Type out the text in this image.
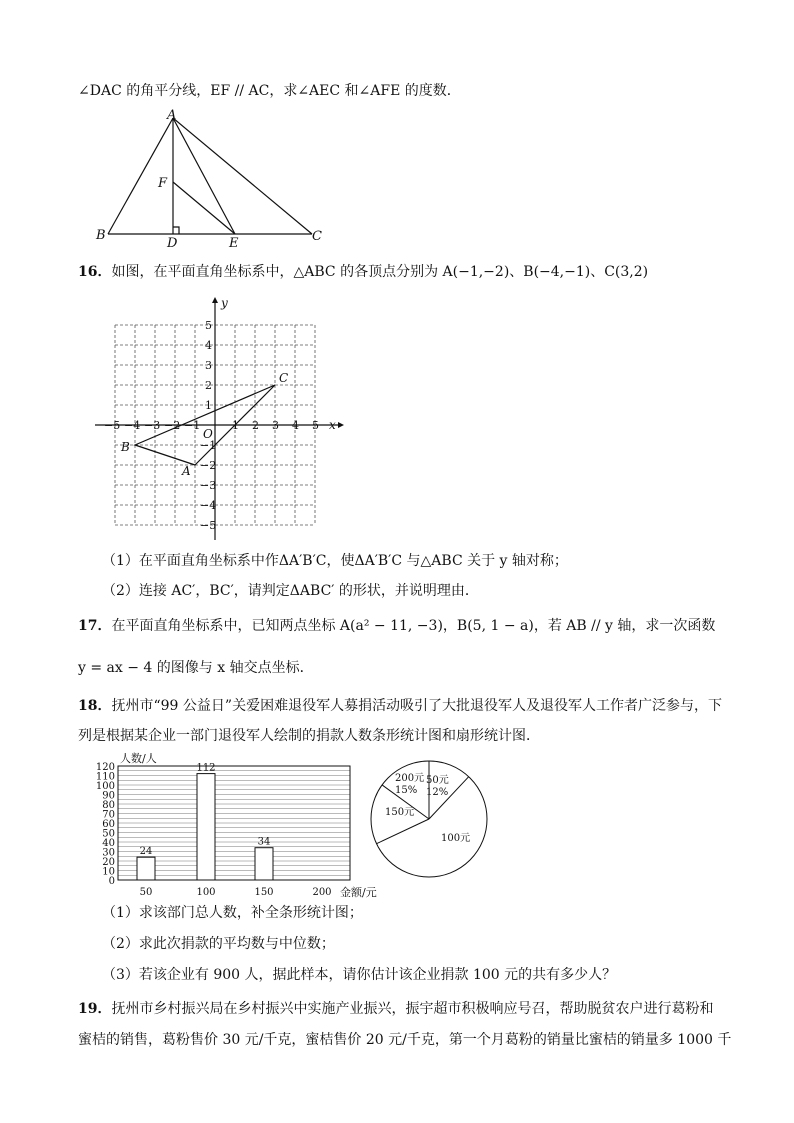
∠DAC 的角平分线，EF // AC，求∠AEC 和∠AFE 的度数．
A
B	C
D	E
F
16．如图，在平面直角坐标系中，△ABC 的各顶点分别为 A(−1,−2)、B(−4,−1)、C(3,2)
x
y
O
−5 −4 −3 −2 −1	1 2 3 4 5
5
4
3
2
1
−1
−2
−3
−4
−5
A
B
C
（1）在平面直角坐标系中作ΔA′B′C，使ΔA′B′C 与△ABC 关于 y 轴对称；
（2）连接 AC′，BC′，请判定ΔABC′ 的形状，并说明理由．
17．在平面直角坐标系中，已知两点坐标 A(a² − 11, −3)，B(5, 1 − a)，若 AB // y 轴，求一次函数
y = ax − 4 的图像与 x 轴交点坐标．
18．抚州市“99 公益日”关爱困难退役军人募捐活动吸引了大批退役军人及退役军人工作者广泛参与，下
列是根据某企业一部门退役军人绘制的捐款人数条形统计图和扇形统计图．
0
10
20
30
40
50
60
70
80
90
100
110
120
人数/人
50
24
100
112
150
34
200 金额/元
50元
12%
100元
150元
200元
15%
（1）求该部门总人数，补全条形统计图；
（2）求此次捐款的平均数与中位数；
（3）若该企业有 900 人，据此样本，请你估计该企业捐款 100 元的共有多少人？
19．抚州市乡村振兴局在乡村振兴中实施产业振兴，振宇超市积极响应号召，帮助脱贫农户进行葛粉和
蜜桔的销售，葛粉售价 30 元/千克，蜜桔售价 20 元/千克，第一个月葛粉的销量比蜜桔的销量多 1000 千
